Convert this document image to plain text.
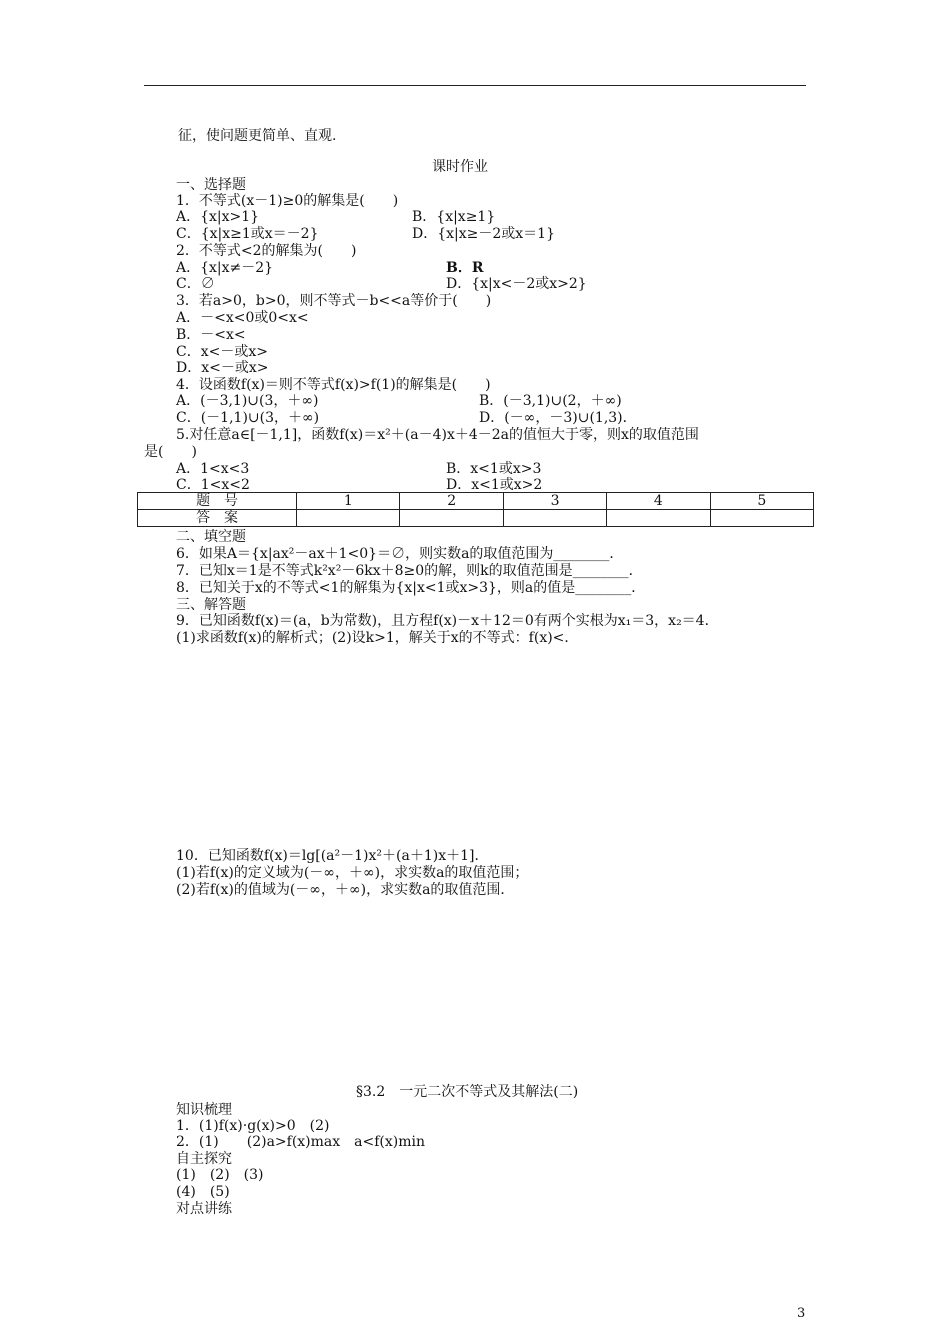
征，使问题更简单、直观.
课时作业
一、选择题
1．不等式(x－1)≥0的解集是(　　)
A．{x|x>1}	B．{x|x≥1}
C．{x|x≥1或x＝－2}	D．{x|x≥－2或x＝1}
2．不等式<2的解集为(　　)
A．{x|x≠－2}	B．R
C．∅	D．{x|x<－2或x>2}
3．若a>0，b>0，则不等式－b<<a等价于(　　)
A．－<x<0或0<x<
B．－<x<
C．x<－或x>
D．x<－或x>
4．设函数f(x)＝则不等式f(x)>f(1)的解集是(　　)
A．(－3,1)∪(3，＋∞)	B．(－3,1)∪(2，＋∞)
C．(－1,1)∪(3，＋∞)	D．(－∞，－3)∪(1,3)．
5.对任意a∈[－1,1]，函数f(x)＝x²＋(a－4)x＋4－2a的值恒大于零，则x的取值范围
是(　　)
A．1<x<3	B．x<1或x>3
C．1<x<2	D．x<1或x>2
题　号	1	2	3	4	5
答　案					
二、填空题
6．如果A＝{x|ax²－ax＋1<0}＝∅，则实数a的取值范围为________．
7．已知x＝1是不等式k²x²－6kx＋8≥0的解，则k的取值范围是________．
8．已知关于x的不等式<1的解集为{x|x<1或x>3}，则a的值是________．
三、解答题
9．已知函数f(x)＝(a，b为常数)，且方程f(x)－x＋12＝0有两个实根为x₁＝3，x₂＝4．
(1)求函数f(x)的解析式；(2)设k>1，解关于x的不等式：f(x)<．
10．已知函数f(x)＝lg[(a²－1)x²＋(a＋1)x＋1]．
(1)若f(x)的定义域为(－∞，＋∞)，求实数a的取值范围；
(2)若f(x)的值域为(－∞，＋∞)，求实数a的取值范围．
§3.2　一元二次不等式及其解法(二)
知识梳理
1．(1)f(x)·g(x)>0　(2)
2．(1)　　(2)a>f(x)max　a<f(x)min
自主探究
(1)　(2)　(3)
(4)　(5)
对点讲练
3
